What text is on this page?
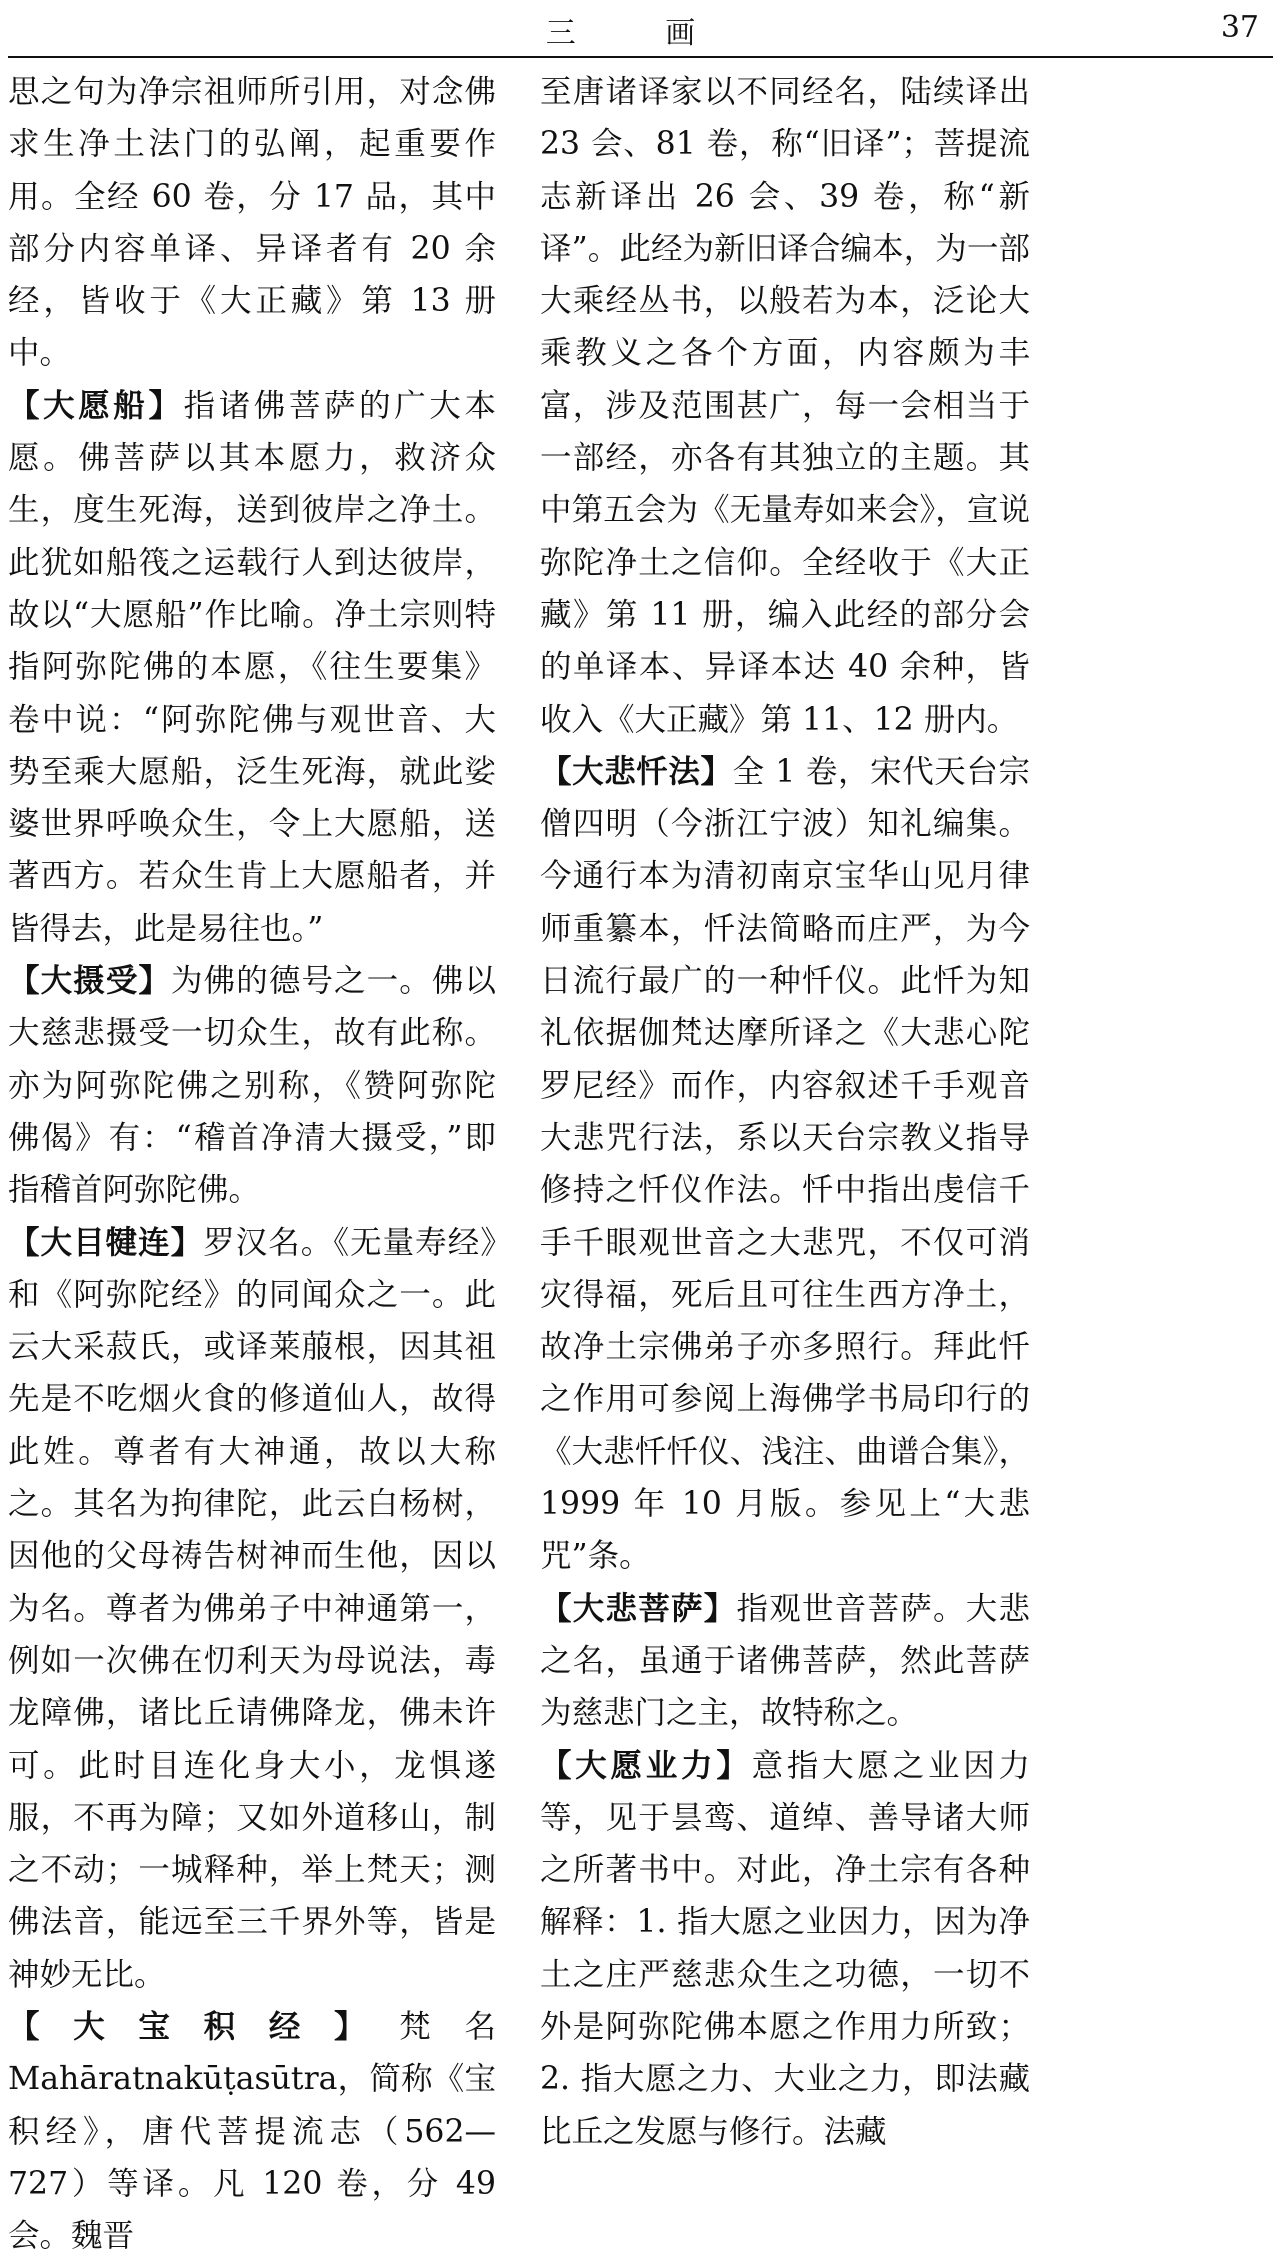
三 画	37

思之句为净宗祖师所引用，对念佛求生净土法门的弘阐，起重要作用。全经 60 卷，分 17 品，其中部分内容单译、异译者有 20 余经，皆收于《大正藏》第 13 册中。

【大愿船】指诸佛菩萨的广大本愿。佛菩萨以其本愿力，救济众生，度生死海，送到彼岸之净土。此犹如船筏之运载行人到达彼岸，故以“大愿船”作比喻。净土宗则特指阿弥陀佛的本愿，《往生要集》卷中说：“阿弥陀佛与观世音、大势至乘大愿船，泛生死海，就此娑婆世界呼唤众生，令上大愿船，送著西方。若众生肯上大愿船者，并皆得去，此是易往也。”

【大摄受】为佛的德号之一。佛以大慈悲摄受一切众生，故有此称。亦为阿弥陀佛之别称，《赞阿弥陀佛偈》有：“稽首净清大摄受，”即指稽首阿弥陀佛。

【大目犍连】罗汉名。《无量寿经》和《阿弥陀经》的同闻众之一。此云大采菽氏，或译莱菔根，因其祖先是不吃烟火食的修道仙人，故得此姓。尊者有大神通，故以大称之。其名为拘律陀，此云白杨树，因他的父母祷告树神而生他，因以为名。尊者为佛弟子中神通第一，例如一次佛在忉利天为母说法，毒龙障佛，诸比丘请佛降龙，佛未许可。此时目连化身大小，龙惧遂服，不再为障；又如外道移山，制之不动；一城释种，举上梵天；测佛法音，能远至三千界外等，皆是神妙无比。

【大宝积经】梵名 Mahāratnakūṭasūtra，简称《宝积经》，唐代菩提流志（562—727）等译。凡 120 卷，分 49 会。魏晋

至唐诸译家以不同经名，陆续译出 23 会、81 卷，称“旧译”；菩提流志新译出 26 会、39 卷，称“新译”。此经为新旧译合编本，为一部大乘经丛书，以般若为本，泛论大乘教义之各个方面，内容颇为丰富，涉及范围甚广，每一会相当于一部经，亦各有其独立的主题。其中第五会为《无量寿如来会》，宣说弥陀净土之信仰。全经收于《大正藏》第 11 册，编入此经的部分会的单译本、异译本达 40 余种，皆收入《大正藏》第 11、12 册内。

【大悲忏法】全 1 卷，宋代天台宗僧四明（今浙江宁波）知礼编集。今通行本为清初南京宝华山见月律师重纂本，忏法简略而庄严，为今日流行最广的一种忏仪。此忏为知礼依据伽梵达摩所译之《大悲心陀罗尼经》而作，内容叙述千手观音大悲咒行法，系以天台宗教义指导修持之忏仪作法。忏中指出虔信千手千眼观世音之大悲咒，不仅可消灾得福，死后且可往生西方净土，故净土宗佛弟子亦多照行。拜此忏之作用可参阅上海佛学书局印行的《大悲忏忏仪、浅注、曲谱合集》，1999 年 10 月版。参见上“大悲咒”条。

【大悲菩萨】指观世音菩萨。大悲之名，虽通于诸佛菩萨，然此菩萨为慈悲门之主，故特称之。

【大愿业力】意指大愿之业因力等，见于昙鸾、道绰、善导诸大师之所著书中。对此，净土宗有各种解释：1. 指大愿之业因力，因为净土之庄严慈悲众生之功德，一切不外是阿弥陀佛本愿之作用力所致；2. 指大愿之力、大业之力，即法藏比丘之发愿与修行。法藏
